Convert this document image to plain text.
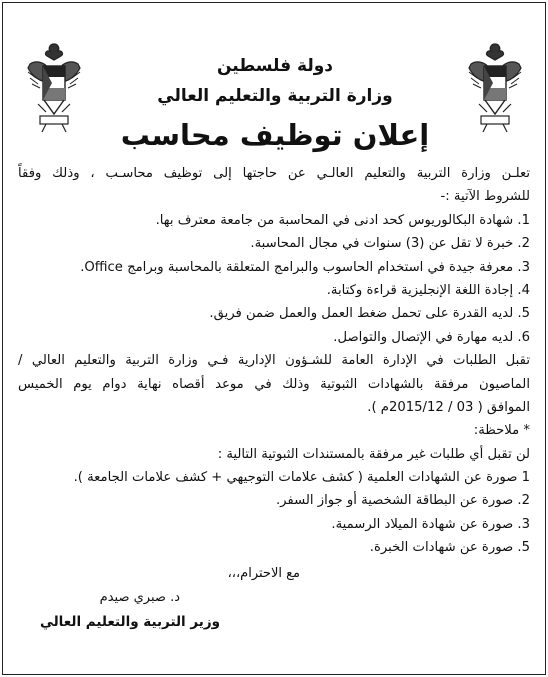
دولة فلسطين
وزارة التربية والتعليم العالي
إعلان توظيف محاسب

تعلـن وزارة التربية والتعليم العالـي عن حاجتها إلى توظيف محاسـب ، وذلك وفقاً

للشروط الآتية :-

1. شهادة البكالوريوس كحد ادنى في المحاسبة من جامعة معترف بها.

2. خبرة لا تقل عن (3) سنوات في مجال المحاسبة.

3. معرفة جيدة في استخدام الحاسوب والبرامج المتعلقة بالمحاسبة وبرامج Office.

4. إجادة اللغة الإنجليزية قراءة وكتابة.

5. لديه القدرة على تحمل ضغط العمل والعمل ضمن فريق.

6. لديه مهارة في الإتصال والتواصل.

تقبل الطلبات في الإدارة العامة للشـؤون الإدارية فـي وزارة التربية والتعليم العالي /

الماصيون مرفقة بالشهادات الثبوتية وذلك في موعد أقصاه نهاية دوام يوم الخميس

الموافق ( 03 / 2015/12م ).

* ملاحظة:

لن تقبل أي طلبات غير مرفقة بالمستندات الثبوتية التالية :

1 صورة عن الشهادات العلمية ( كشف علامات التوجيهي + كشف علامات الجامعة ).

2. صورة عن البطاقة الشخصية أو جواز السفر.

3. صورة عن شهادة الميلاد الرسمية.

5. صورة عن شهادات الخبرة.

مع الاحترام،،،
د. صبري صيدم
وزير التربية والتعليم العالي
